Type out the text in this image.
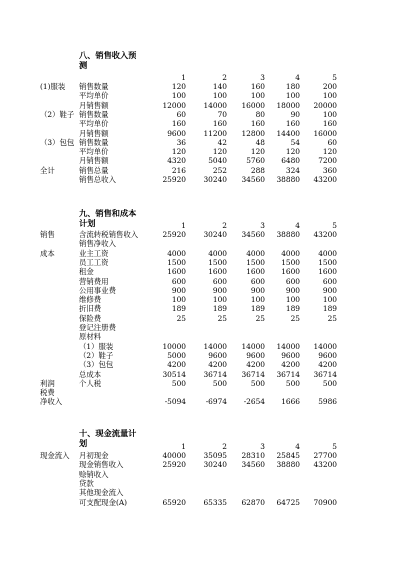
八、销售收入预
测
1	2	3	4	5
(1)服装 销售数量	120	140	160	180	200
平均单价	100	100	100	100	100
月销售额	12000	14000	16000	18000	20000
（2）鞋子 销售数量	60	70	80	90	100
平均单价	160	160	160	160	160
月销售额	9600	11200	12800	14400	16000
（3）包包 销售数量	36	42	48	54	60
平均单价	120	120	120	120	120
月销售额	4320	5040	5760	6480	7200
全计	销售总量	216	252	288	324	360
销售总收入	25920	30240	34560	38880	43200
九、销售和成本
计划	1	2	3	4	5
销售	含流转税销售收入	25920	30240	34560	38880	43200
销售净收入
成本	业主工资	4000	4000	4000	4000	4000
员工工资	1500	1500	1500	1500	1500
租金	1600	1600	1600	1600	1600
营销费用	600	600	600	600	600
公用事业费	900	900	900	900	900
维修费	100	100	100	100	100
折旧费	189	189	189	189	189
保险费	25	25	25	25	25
登记注册费
原材料
（1）服装	10000	14000	14000	14000	14000
（2）鞋子	5000	9600	9600	9600	9600
（3）包包	4200	4200	4200	4200	4200
总成本	30514	36714	36714	36714	36714
利润	个人税	500	500	500	500	500
税费
净收入	-5094	-6974	-2654	1666	5986
十、现金流量计
划	1	2	3	4	5
现金流入 月初现金	40000	35095	28310	25845	27700
现金销售收入	25920	30240	34560	38880	43200
赊销收入
贷款
其他现金流入
可支配现金(A)	65920	65335	62870	64725	70900
